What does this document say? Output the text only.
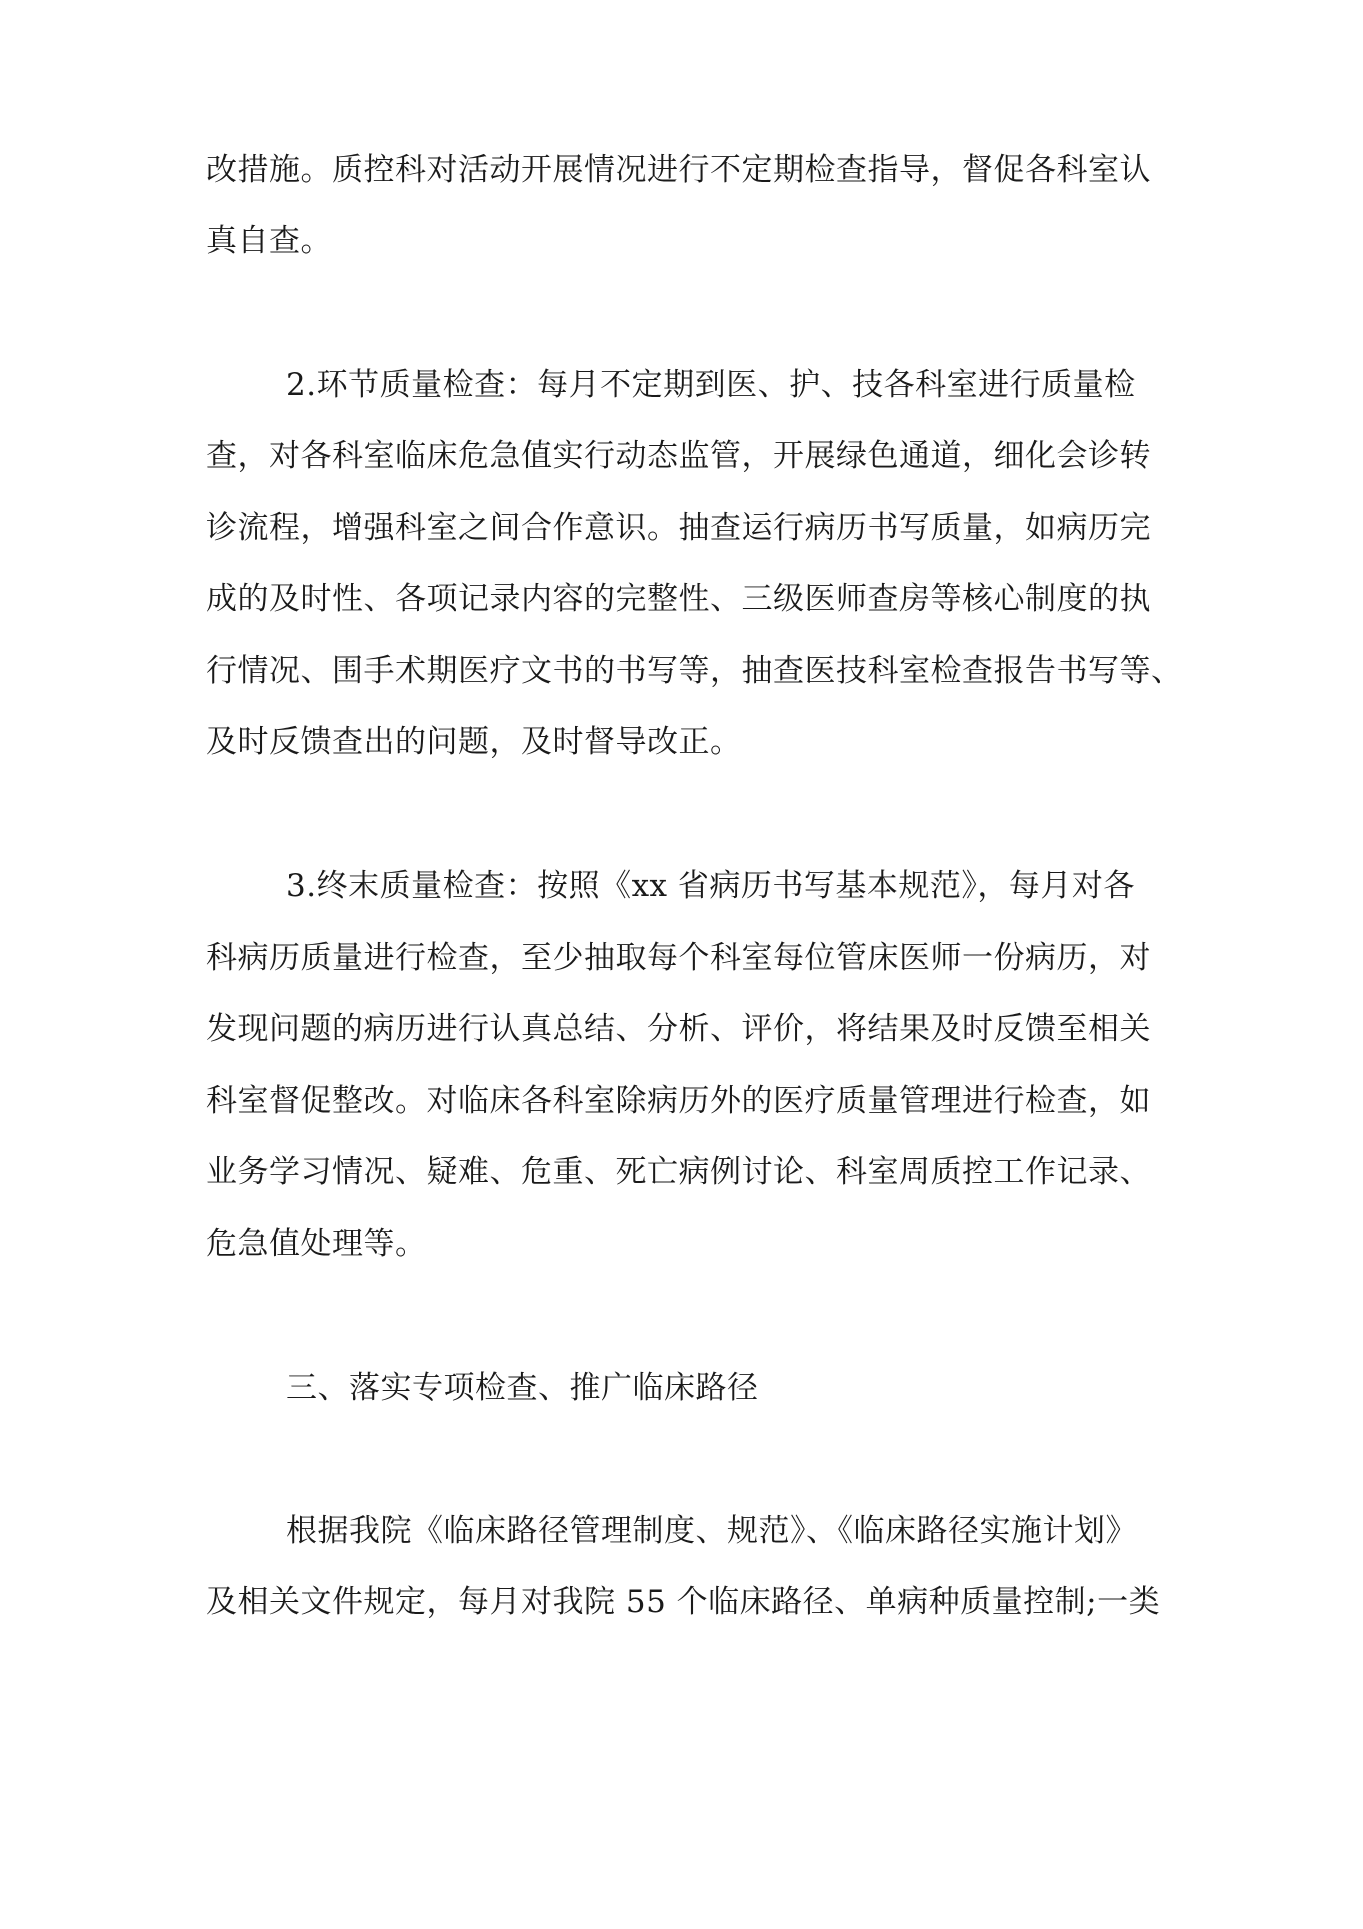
改措施。质控科对活动开展情况进行不定期检查指导，督促各科室认

真自查。

2.环节质量检查：每月不定期到医、护、技各科室进行质量检

查，对各科室临床危急值实行动态监管，开展绿色通道，细化会诊转

诊流程，增强科室之间合作意识。抽查运行病历书写质量，如病历完

成的及时性、各项记录内容的完整性、三级医师查房等核心制度的执

行情况、围手术期医疗文书的书写等，抽查医技科室检查报告书写等、

及时反馈查出的问题，及时督导改正。

3.终末质量检查：按照《xx 省病历书写基本规范》，每月对各

科病历质量进行检查，至少抽取每个科室每位管床医师一份病历，对

发现问题的病历进行认真总结、分析、评价，将结果及时反馈至相关

科室督促整改。对临床各科室除病历外的医疗质量管理进行检查，如

业务学习情况、疑难、危重、死亡病例讨论、科室周质控工作记录、

危急值处理等。

三、落实专项检查、推广临床路径

根据我院《临床路径管理制度、规范》、《临床路径实施计划》

及相关文件规定，每月对我院 55 个临床路径、单病种质量控制;一类
